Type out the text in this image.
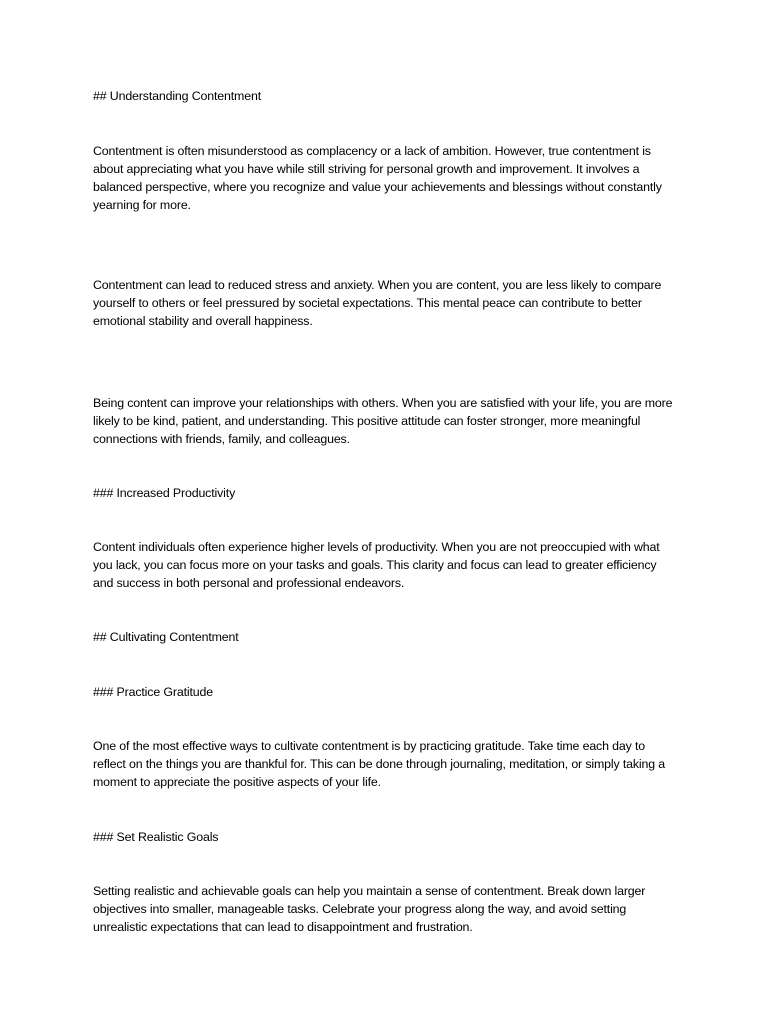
## Understanding Contentment

Contentment is often misunderstood as complacency or a lack of ambition. However, true contentment is about appreciating what you have while still striving for personal growth and improvement. It involves a balanced perspective, where you recognize and value your achievements and blessings without constantly yearning for more.

Contentment can lead to reduced stress and anxiety. When you are content, you are less likely to compare yourself to others or feel pressured by societal expectations. This mental peace can contribute to better emotional stability and overall happiness.

Being content can improve your relationships with others. When you are satisfied with your life, you are more likely to be kind, patient, and understanding. This positive attitude can foster stronger, more meaningful connections with friends, family, and colleagues.

### Increased Productivity

Content individuals often experience higher levels of productivity. When you are not preoccupied with what you lack, you can focus more on your tasks and goals. This clarity and focus can lead to greater efficiency and success in both personal and professional endeavors.

## Cultivating Contentment

### Practice Gratitude

One of the most effective ways to cultivate contentment is by practicing gratitude. Take time each day to reflect on the things you are thankful for. This can be done through journaling, meditation, or simply taking a moment to appreciate the positive aspects of your life.

### Set Realistic Goals

Setting realistic and achievable goals can help you maintain a sense of contentment. Break down larger objectives into smaller, manageable tasks. Celebrate your progress along the way, and avoid setting unrealistic expectations that can lead to disappointment and frustration.
